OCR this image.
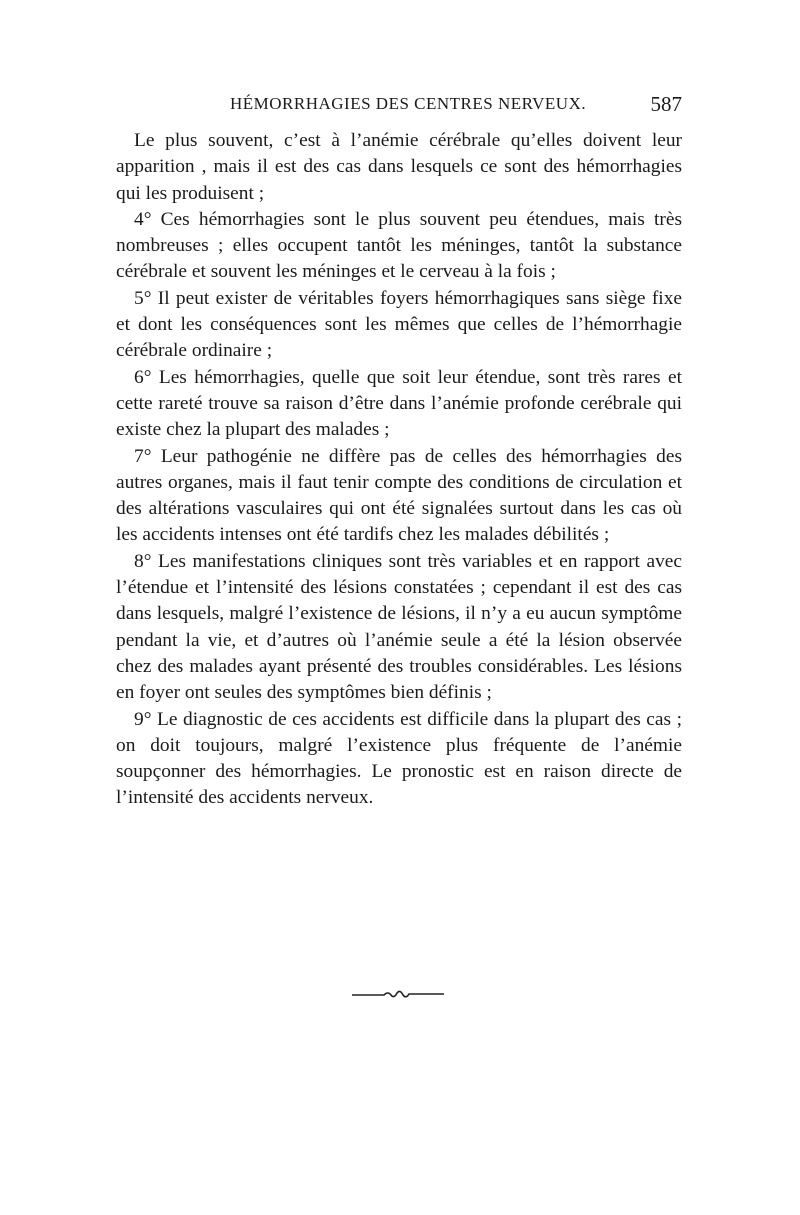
HÉMORRHAGIES DES CENTRES NERVEUX.	587

Le plus souvent, c’est à l’anémie cérébrale qu’elles doivent leur apparition , mais il est des cas dans lesquels ce sont des hémorrhagies qui les produisent ;

4° Ces hémorrhagies sont le plus souvent peu étendues, mais très nombreuses ; elles occupent tantôt les méninges, tantôt la substance cérébrale et souvent les méninges et le cerveau à la fois ;

5° Il peut exister de véritables foyers hémorrhagiques sans siège fixe et dont les conséquences sont les mêmes que celles de l’hémorrhagie cérébrale ordinaire ;

6° Les hémorrhagies, quelle que soit leur étendue, sont très rares et cette rareté trouve sa raison d’être dans l’anémie profonde cerébrale qui existe chez la plupart des malades ;

7° Leur pathogénie ne diffère pas de celles des hémorrhagies des autres organes, mais il faut tenir compte des conditions de circulation et des altérations vasculaires qui ont été signalées surtout dans les cas où les accidents intenses ont été tardifs chez les malades débilités ;

8° Les manifestations cliniques sont très variables et en rapport avec l’étendue et l’intensité des lésions constatées ; cependant il est des cas dans lesquels, malgré l’existence de lésions, il n’y a eu aucun symptôme pendant la vie, et d’autres où l’anémie seule a été la lésion observée chez des malades ayant présenté des troubles considérables. Les lésions en foyer ont seules des symptômes bien définis ;

9° Le diagnostic de ces accidents est difficile dans la plupart des cas ; on doit toujours, malgré l’existence plus fréquente de l’anémie soupçonner des hémorrhagies. Le pronostic est en raison directe de l’intensité des accidents nerveux.
